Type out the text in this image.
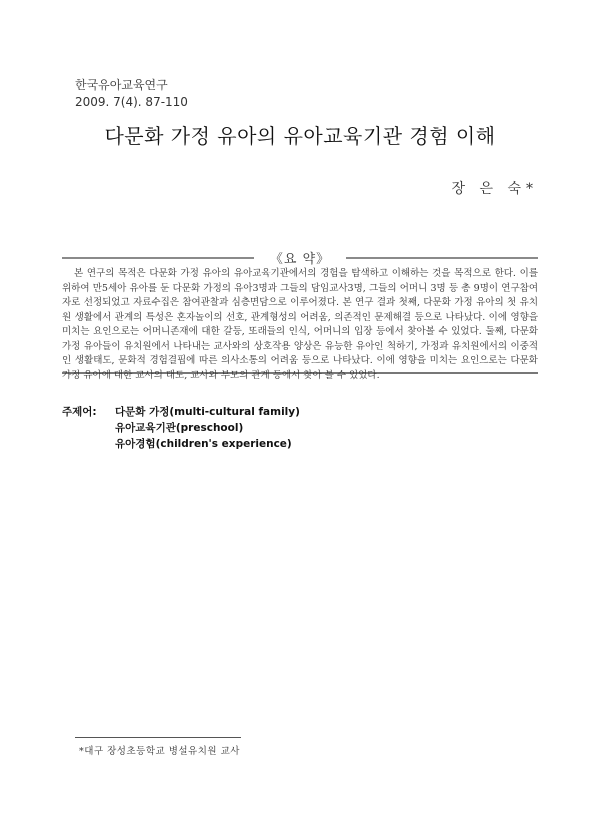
한국유아교육연구
2009. 7(4). 87-110
다문화 가정 유아의 유아교육기관 경험 이해
장 은 숙*
《요 약》

본 연구의 목적은 다문화 가정 유아의 유아교육기관에서의 경험을 탐색하고 이해하는 것을 목적으로 한다. 이를 위하여 만5세아 유아를 둔 다문화 가정의 유아3명과 그들의 담임교사3명, 그들의 어머니 3명 등 총 9명이 연구참여자로 선정되었고 자료수집은 참여관찰과 심층면담으로 이루어졌다. 본 연구 결과 첫째, 다문화 가정 유아의 첫 유치원 생활에서 관계의 특성은 혼자놀이의 선호, 관계형성의 어려움, 의존적인 문제해결 등으로 나타났다. 이에 영향을 미치는 요인으로는 어머니존재에 대한 갈등, 또래들의 인식, 어머니의 입장 등에서 찾아볼 수 있었다. 둘째, 다문화 가정 유아들이 유치원에서 나타내는 교사와의 상호작용 양상은 유능한 유아인 척하기, 가정과 유치원에서의 이중적인 생활태도, 문화적 경험결핍에 따른 의사소통의 어려움 등으로 나타났다. 이에 영향을 미치는 요인으로는 다문화 가정 유아에 대한 교사의 태도, 교사와 부모의 관계 등에서 찾아 볼 수 있었다.

주제어: 다문화 가정(multi-cultural family)
유아교육기관(preschool)
유아경험(children's experience)
*대구 장성초등학교 병설유치원 교사
